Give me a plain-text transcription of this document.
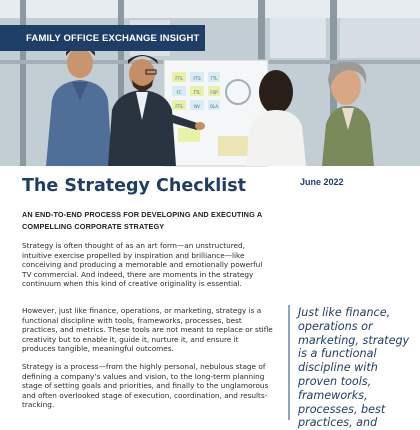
FTS	FTS
FC	TTL
FTS	NV
TTL
FSP
OLA
FAMILY OFFICE EXCHANGE INSIGHT
The Strategy Checklist	June 2022
AN END-TO-END PROCESS FOR DEVELOPING AND EXECUTING A COMPELLING CORPORATE STRATEGY

Strategy is often thought of as an art form—an unstructured, intuitive exercise propelled by inspiration and brilliance—like conceiving and producing a memorable and emotionally powerful TV commercial. And indeed, there are moments in the strategy continuum when this kind of creative originality is essential.

However, just like finance, operations, or marketing, strategy is a functional discipline with tools, frameworks, processes, best practices, and metrics. These tools are not meant to replace or stifle creativity but to enable it, guide it, nurture it, and ensure it produces tangible, meaningful outcomes.

Strategy is a process—from the highly personal, nebulous stage of defining a company’s values and vision, to the long-term planning stage of setting goals and priorities, and finally to the unglamorous and often overlooked stage of execution, coordination, and results-tracking.

Just like finance, operations or marketing, strategy is a functional discipline with proven tools, frameworks, processes, best practices, and
